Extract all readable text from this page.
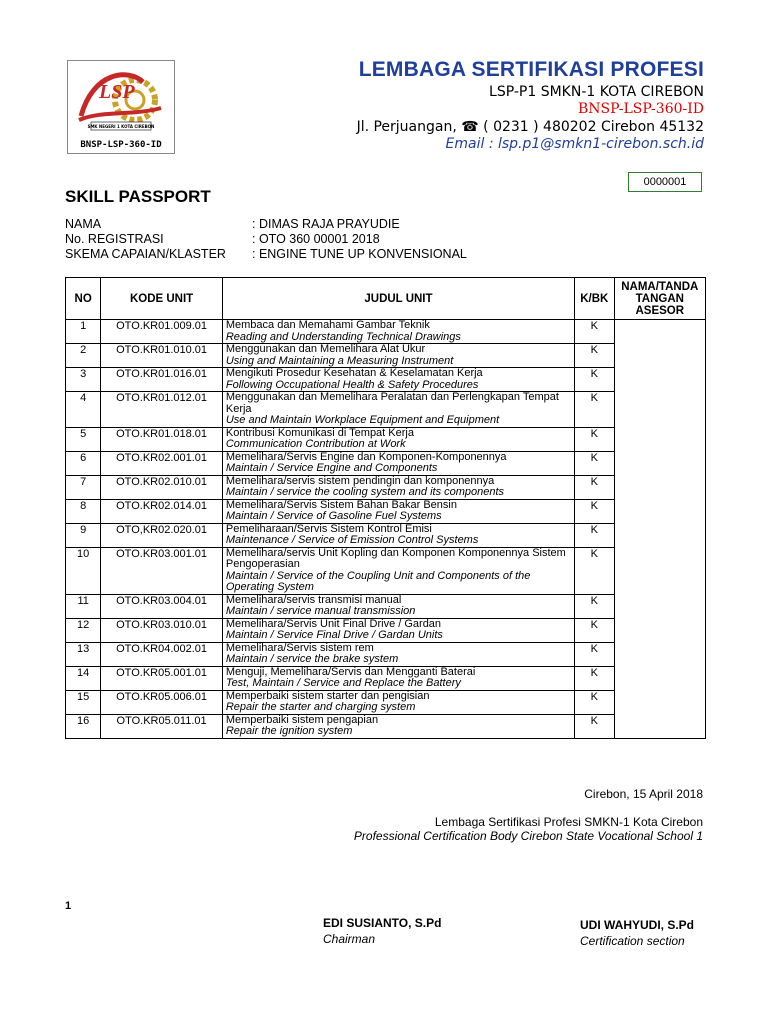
LSP
SMK NEGERI 1 KOTA CIREBON
BNSP-LSP-360-ID
LEMBAGA SERTIFIKASI PROFESI
LSP-P1 SMKN-1 KOTA CIREBON
BNSP-LSP-360-ID
Jl. Perjuangan, ☎ ( 0231 ) 480202 Cirebon 45132
Email : lsp.p1@smkn1-cirebon.sch.id
0000001
SKILL PASSPORT
NAMA	: DIMAS RAJA PRAYUDIE
No. REGISTRASI	: OTO 360 00001 2018
SKEMA CAPAIAN/KLASTER : ENGINE TUNE UP KONVENSIONAL
NO	KODE UNIT	JUDUL UNIT	K/BK	NAMA/TANDA TANGAN ASESOR
1	OTO.KR01.009.01	Membaca dan Memahami Gambar Teknik
Reading and Understanding Technical Drawings	K	
2	OTO.KR01.010.01	Menggunakan dan Memelihara Alat Ukur
Using and Maintaining a Measuring Instrument	K	
3	OTO.KR01.016.01	Mengikuti Prosedur Kesehatan & Keselamatan Kerja
Following Occupational Health & Safety Procedures	K	
4	OTO.KR01.012.01	Menggunakan dan Memelihara Peralatan dan Perlengkapan Tempat Kerja
Use and Maintain Workplace Equipment and Equipment	K	
5	OTO.KR01.018.01	Kontribusi Komunikasi di Tempat Kerja
Communication Contribution at Work	K	
6	OTO.KR02.001.01	Memelihara/Servis Engine dan Komponen-Komponennya
Maintain / Service Engine and Components	K	
7	OTO.KR02.010.01	Memelihara/servis sistem pendingin dan komponennya
Maintain / service the cooling system and its components	K	
8	OTO.KR02.014.01	Memelihara/Servis Sistem Bahan Bakar Bensin
Maintain / Service of Gasoline Fuel Systems	K	
9	OTO,KR02.020.01	Pemeliharaan/Servis Sistem Kontrol Emisi
Maintenance / Service of Emission Control Systems	K	
10	OTO.KR03.001.01	Memelihara/servis Unit Kopling dan Komponen Komponennya Sistem Pengoperasian
Maintain / Service of the Coupling Unit and Components of the Operating System	K	
11	OTO.KR03.004.01	Memelihara/servis transmisi manual
Maintain / service manual transmission	K	
12	OTO.KR03.010.01	Memelihara/Servis Unit Final Drive / Gardan
Maintain / Service Final Drive / Gardan Units	K	
13	OTO.KR04.002.01	Memelihara/Servis sistem rem
Maintain / service the brake system	K	
14	OTO.KR05.001.01	Menguji, Memelihara/Servis dan Mengganti Baterai
Test, Maintain / Service and Replace the Battery	K	
15	OTO.KR05.006.01	Memperbaiki sistem starter dan pengisian
Repair the starter and charging system	K	
16	OTO.KR05.011.01	Memperbaiki sistem pengapian
Repair the ignition system	K	
Cirebon, 15 April 2018
Lembaga Sertifikasi Profesi SMKN-1 Kota Cirebon
Professional Certification Body Cirebon State Vocational School 1
1
EDI SUSIANTO, S.Pd
Chairman
UDI WAHYUDI, S.Pd
Certification section
